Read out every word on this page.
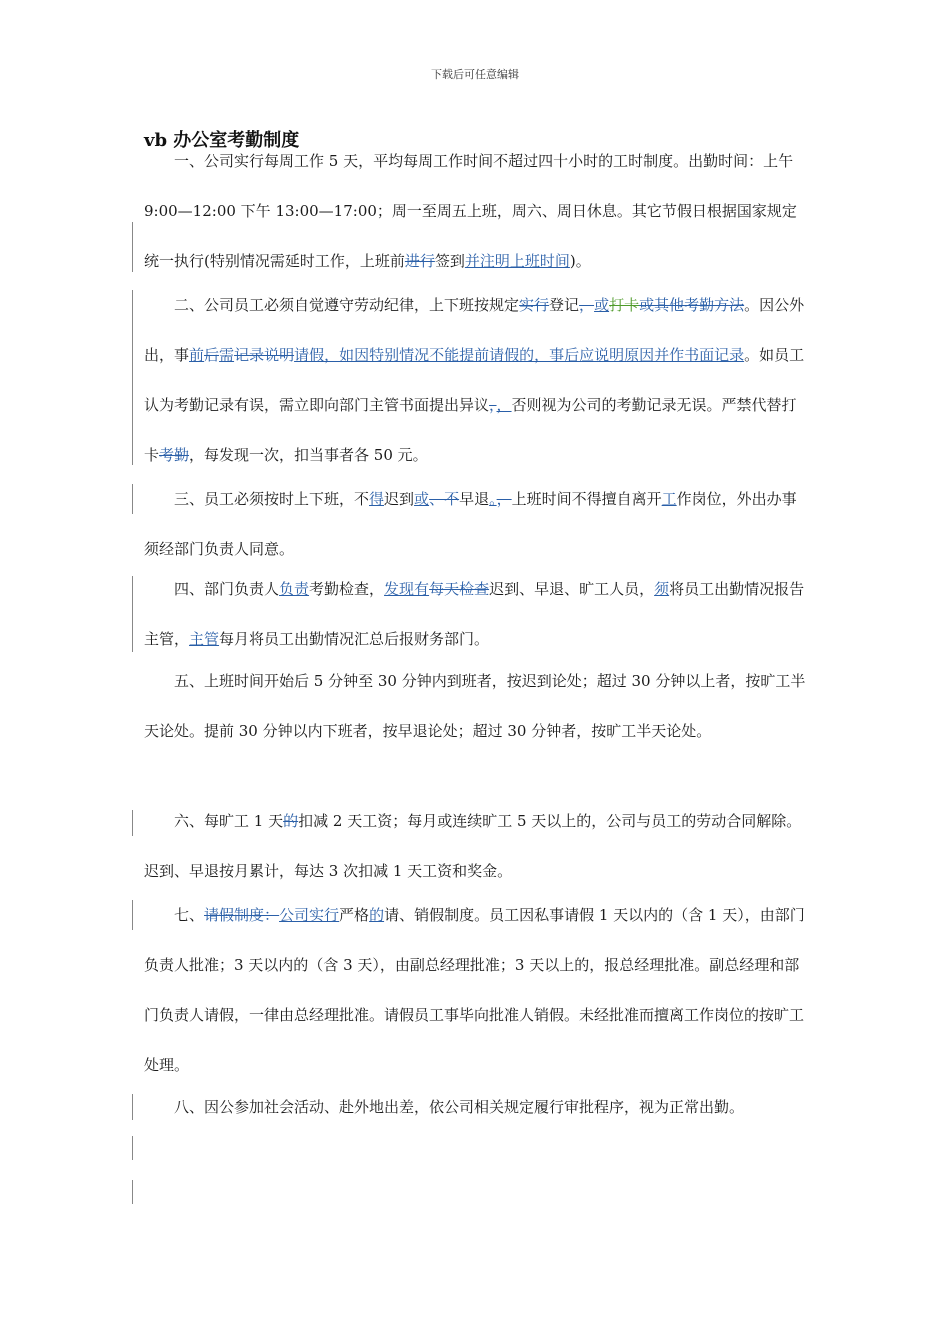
下载后可任意编辑
vb 办公室考勤制度
一、公司实行每周工作 5 天，平均每周工作时间不超过四十小时的工时制度。出勤时间：上午 9:00—12:00 下午 13:00—17:00；周一至周五上班，周六、周日休息。其它节假日根据国家规定统一执行(特别情况需延时工作，上班前进行签到并注明上班时间)。
二、公司员工必须自觉遵守劳动纪律，上下班按规定实行登记，或打卡或其他考勤方法。因公外出，事前后需记录说明请假，如因特别情况不能提前请假的，事后应说明原因并作书面记录。如员工认为考勤记录有误，需立即向部门主管书面提出异议，，否则视为公司的考勤记录无误。严禁代替打卡考勤，每发现一次，扣当事者各 50 元。
三、员工必须按时上下班，不得迟到或、不早退。，上班时间不得擅自离开工作岗位，外出办事须经部门负责人同意。
四、部门负责人负责考勤检查，发现有每天检查迟到、早退、旷工人员，须将员工出勤情况报告主管，主管每月将员工出勤情况汇总后报财务部门。
五、上班时间开始后 5 分钟至 30 分钟内到班者，按迟到论处；超过 30 分钟以上者，按旷工半天论处。提前 30 分钟以内下班者，按早退论处；超过 30 分钟者，按旷工半天论处。
六、每旷工 1 天的扣减 2 天工资；每月或连续旷工 5 天以上的，公司与员工的劳动合同解除。迟到、早退按月累计，每达 3 次扣减 1 天工资和奖金。
七、请假制度：公司实行严格的请、销假制度。员工因私事请假 1 天以内的（含 1 天），由部门负责人批准；3 天以内的（含 3 天），由副总经理批准；3 天以上的，报总经理批准。副总经理和部门负责人请假，一律由总经理批准。请假员工事毕向批准人销假。未经批准而擅离工作岗位的按旷工处理。
八、因公参加社会活动、赴外地出差，依公司相关规定履行审批程序，视为正常出勤。
